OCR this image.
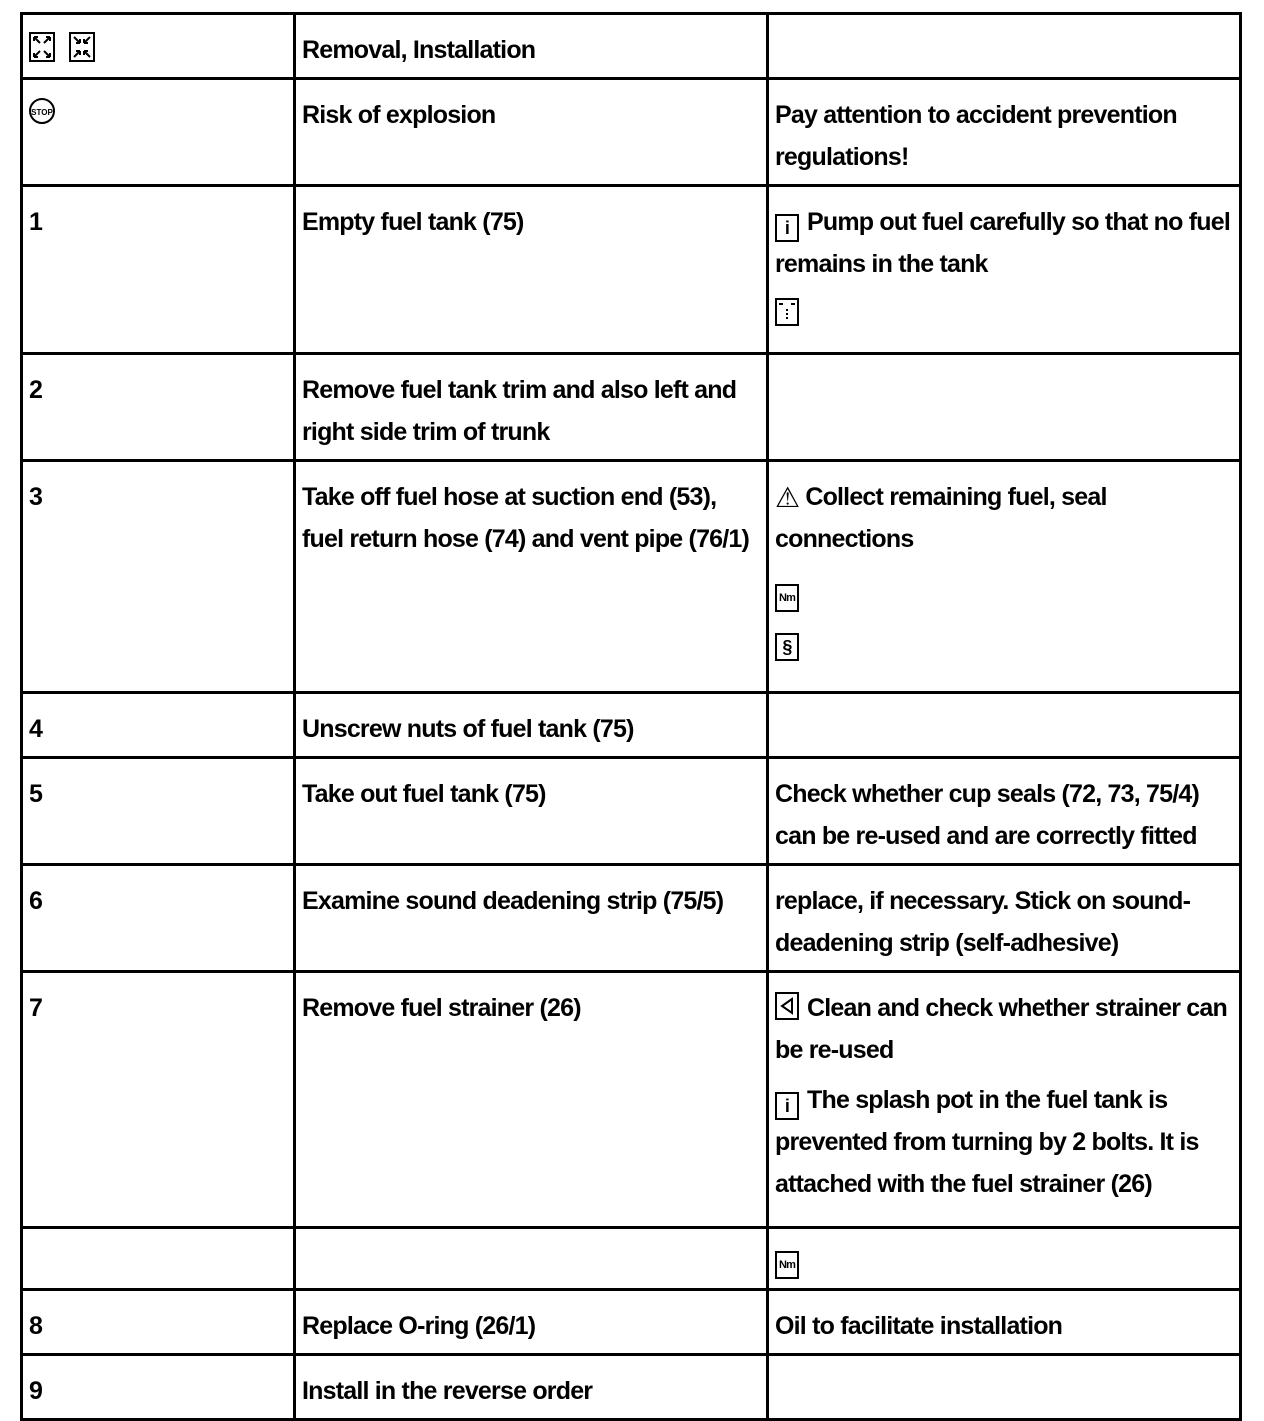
	Removal, Installation	
STOP	Risk of explosion	Pay attention to accident prevention regulations!
1	Empty fuel tank (75)	i Pump out fuel carefully so that no fuel remains in the tank

2	Remove fuel tank trim and also left and right side trim of trunk	
3	Take off fuel hose at suction end (53), fuel return hose (74) and vent pipe (76/1)	⚠ Collect remaining fuel, seal connections
Nm
§

4	Unscrew nuts of fuel tank (75)	
5	Take out fuel tank (75)	Check whether cup seals (72, 73, 75/4) can be re-used and are correctly fitted
6	Examine sound deadening strip (75/5)	replace, if necessary. Stick on sound-deadening strip (self-adhesive)
7	Remove fuel strainer (26)	Clean and check whether strainer can be re-used
i The splash pot in the fuel tank is prevented from turning by 2 bolts. It is attached with the fuel strainer (26)

		Nm
8	Replace O-ring (26/1)	Oil to facilitate installation
9	Install in the reverse order	
